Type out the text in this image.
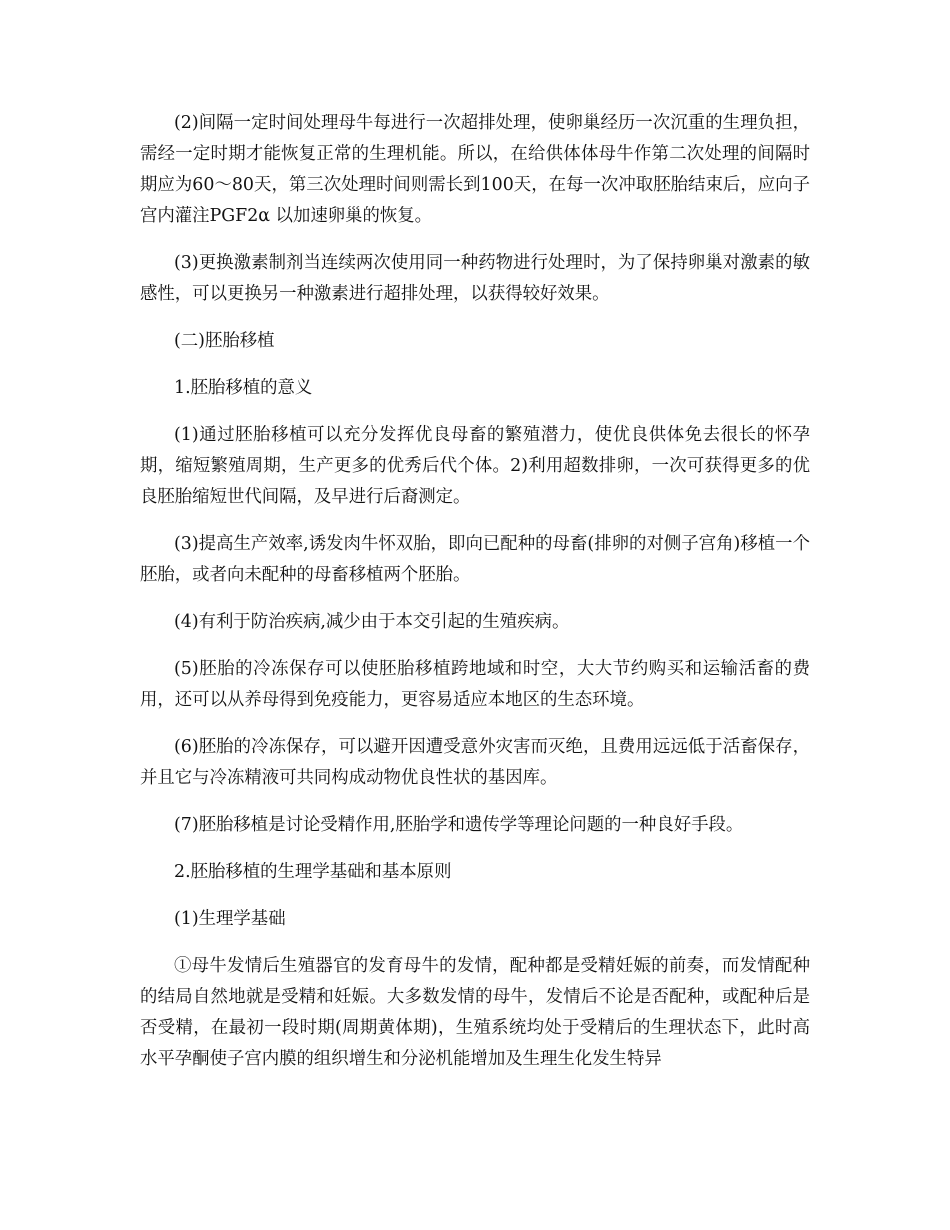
(2)间隔一定时间处理母牛每进行一次超排处理，使卵巢经历一次沉重的生理负担，需经一定时期才能恢复正常的生理机能。所以，在给供体体母牛作第二次处理的间隔时期应为60～80天，第三次处理时间则需长到100天，在每一次冲取胚胎结束后，应向子宫内灌注PGF2α 以加速卵巢的恢复。

(3)更换激素制剂当连续两次使用同一种药物进行处理时，为了保持卵巢对激素的敏感性，可以更换另一种激素进行超排处理，以获得较好效果。

(二)胚胎移植

1.胚胎移植的意义

(1)通过胚胎移植可以充分发挥优良母畜的繁殖潜力，使优良供体免去很长的怀孕期，缩短繁殖周期，生产更多的优秀后代个体。2)利用超数排卵，一次可获得更多的优良胚胎缩短世代间隔，及早进行后裔测定。

(3)提高生产效率,诱发肉牛怀双胎，即向已配种的母畜(排卵的对侧子宫角)移植一个胚胎，或者向未配种的母畜移植两个胚胎。

(4)有利于防治疾病,减少由于本交引起的生殖疾病。

(5)胚胎的冷冻保存可以使胚胎移植跨地域和时空，大大节约购买和运输活畜的费用，还可以从养母得到免疫能力，更容易适应本地区的生态环境。

(6)胚胎的冷冻保存，可以避开因遭受意外灾害而灭绝，且费用远远低于活畜保存，并且它与冷冻精液可共同构成动物优良性状的基因库。

(7)胚胎移植是讨论受精作用,胚胎学和遗传学等理论问题的一种良好手段。

2.胚胎移植的生理学基础和基本原则

(1)生理学基础

①母牛发情后生殖器官的发育母牛的发情，配种都是受精妊娠的前奏，而发情配种的结局自然地就是受精和妊娠。大多数发情的母牛，发情后不论是否配种，或配种后是否受精，在最初一段时期(周期黄体期)，生殖系统均处于受精后的生理状态下，此时高水平孕酮使子宫内膜的组织增生和分泌机能增加及生理生化发生特异
